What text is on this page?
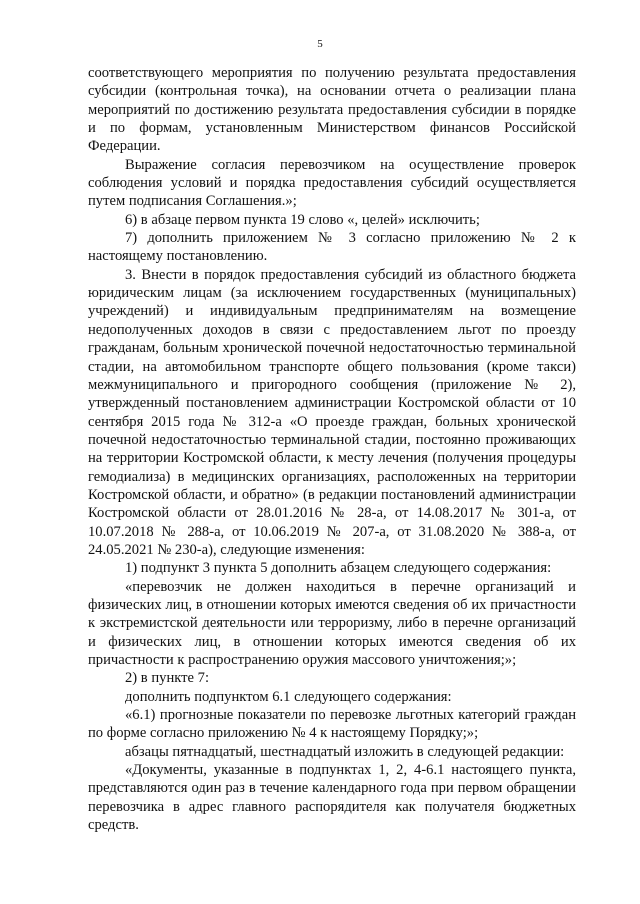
5

соответствующего мероприятия по получению результата предоставления субсидии (контрольная точка), на основании отчета о реализации плана мероприятий по достижению результата предоставления субсидии в порядке и по формам, установленным Министерством финансов Российской Федерации.

Выражение согласия перевозчиком на осуществление проверок соблюдения условий и порядка предоставления субсидий осуществляется путем подписания Соглашения.»;

6) в абзаце первом пункта 19 слово «, целей» исключить;

7) дополнить приложением № 3 согласно приложению № 2 к настоящему постановлению.

3. Внести в порядок предоставления субсидий из областного бюджета юридическим лицам (за исключением государственных (муниципальных) учреждений) и индивидуальным предпринимателям на возмещение недополученных доходов в связи с предоставлением льгот по проезду гражданам, больным хронической почечной недостаточностью терминальной стадии, на автомобильном транспорте общего пользования (кроме такси) межмуниципального и пригородного сообщения (приложение № 2), утвержденный постановлением администрации Костромской области от 10 сентября 2015 года № 312-а «О проезде граждан, больных хронической почечной недостаточностью терминальной стадии, постоянно проживающих на территории Костромской области, к месту лечения (получения процедуры гемодиализа) в медицинских организациях, расположенных на территории Костромской области, и обратно» (в редакции постановлений администрации Костромской области от 28.01.2016 № 28-а, от 14.08.2017 № 301-а, от 10.07.2018 № 288-а, от 10.06.2019 № 207-а, от 31.08.2020 № 388-а, от 24.05.2021 № 230-а), следующие изменения:

1) подпункт 3 пункта 5 дополнить абзацем следующего содержания:

«перевозчик не должен находиться в перечне организаций и физических лиц, в отношении которых имеются сведения об их причастности к экстремистской деятельности или терроризму, либо в перечне организаций и физических лиц, в отношении которых имеются сведения об их причастности к распространению оружия массового уничтожения;»;

2) в пункте 7:

дополнить подпунктом 6.1 следующего содержания:

«6.1) прогнозные показатели по перевозке льготных категорий граждан по форме согласно приложению № 4 к настоящему Порядку;»;

абзацы пятнадцатый, шестнадцатый изложить в следующей редакции:

«Документы, указанные в подпунктах 1, 2, 4-6.1 настоящего пункта, представляются один раз в течение календарного года при первом обращении перевозчика в адрес главного распорядителя как получателя бюджетных средств.
